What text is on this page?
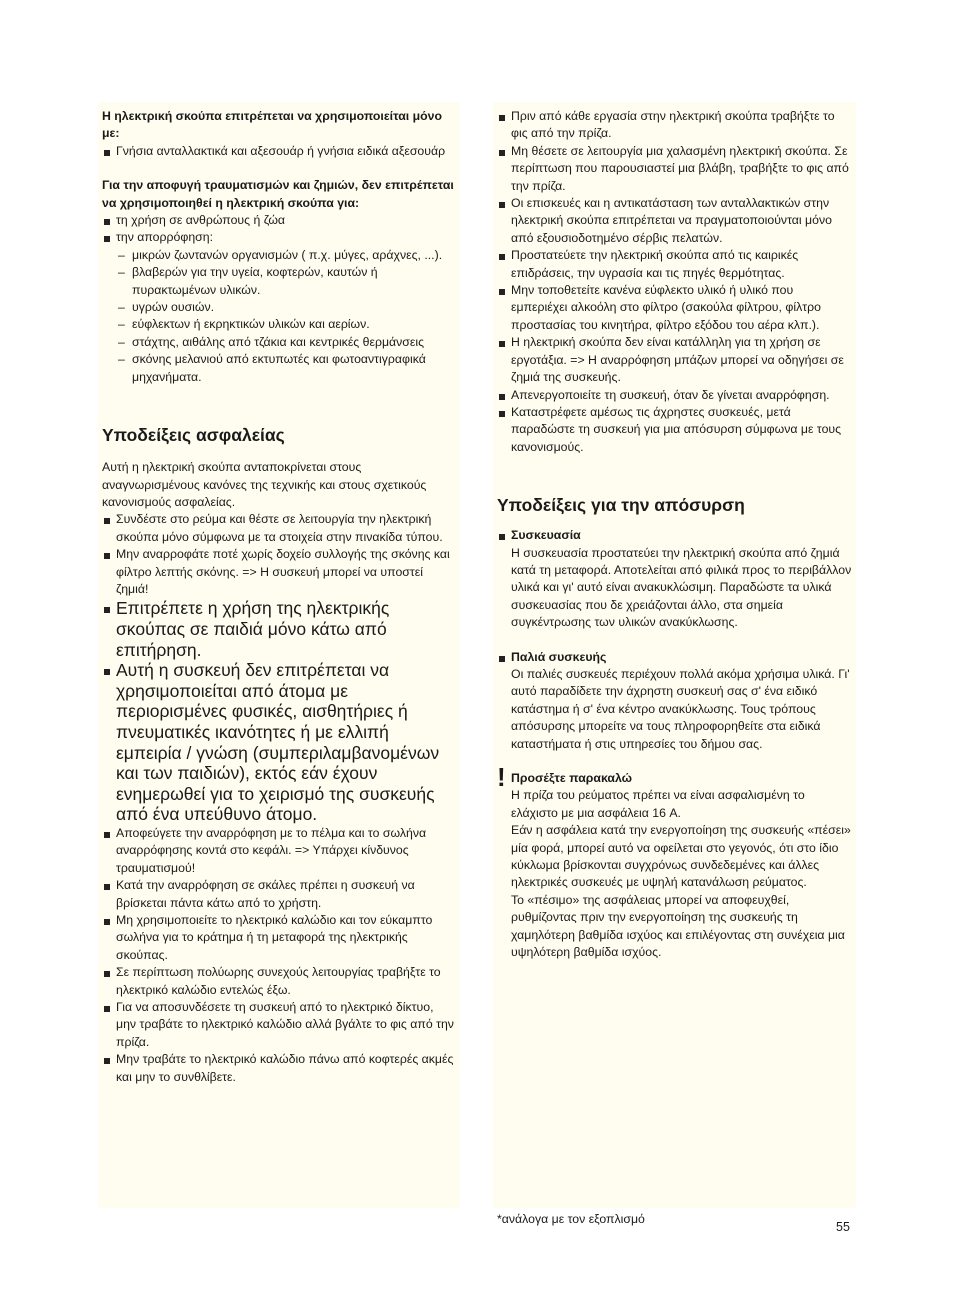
Η ηλεκτρική σκούπα επιτρέπεται να χρησιμοποιείται μόνο με:

Γνήσια ανταλλακτικά και αξεσουάρ ή γνήσια ειδικά αξεσουάρ

Για την αποφυγή τραυματισμών και ζημιών, δεν επιτρέπεται να χρησιμοποιηθεί η ηλεκτρική σκούπα για:

τη χρήση σε ανθρώπους ή ζώα
την απορρόφηση:
– μικρών ζωντανών οργανισμών ( π.χ. μύγες, αράχνες, ...).
– βλαβερών για την υγεία, κοφτερών, καυτών ή πυρακτωμένων υλικών.
– υγρών ουσιών.
– εύφλεκτων ή εκρηκτικών υλικών και αερίων.
– στάχτης, αιθάλης από τζάκια και κεντρικές θερμάνσεις
– σκόνης μελανιού από εκτυπωτές και φωτοαντιγραφικά μηχανήματα.
Υποδείξεις ασφαλείας

Αυτή η ηλεκτρική σκούπα ανταποκρίνεται στους αναγνωρισμένους κανόνες της τεχνικής και στους σχετικούς κανονισμούς ασφαλείας.

Συνδέστε στο ρεύμα και θέστε σε λειτουργία την ηλεκτρική σκούπα μόνο σύμφωνα με τα στοιχεία στην πινακίδα τύπου.
Μην αναρροφάτε ποτέ χωρίς δοχείο συλλογής της σκόνης και φίλτρο λεπτής σκόνης. => Η συσκευή μπορεί να υποστεί ζημιά!
Επιτρέπετε η χρήση της ηλεκτρικής σκούπας σε παιδιά μόνο κάτω από επιτήρηση.
Αυτή η συσκευή δεν επιτρέπεται να χρησιμοποιείται από άτομα με περιορισμένες φυσικές, αισθητήριες ή πνευματικές ικανότητες ή με ελλιπή εμπειρία / γνώση (συμπεριλαμβανομένων και των παιδιών), εκτός εάν έχουν ενημερωθεί για το χειρισμό της συσκευής από ένα υπεύθυνο άτομο.
Αποφεύγετε την αναρρόφηση με το πέλμα και το σωλήνα αναρρόφησης κοντά στο κεφάλι. => Υπάρχει κίνδυνος τραυματισμού!
Κατά την αναρρόφηση σε σκάλες πρέπει η συσκευή να βρίσκεται πάντα κάτω από το χρήστη.
Μη χρησιμοποιείτε το ηλεκτρικό καλώδιο και τον εύκαμπτο σωλήνα για το κράτημα ή τη μεταφορά της ηλεκτρικής σκούπας.
Σε περίπτωση πολύωρης συνεχούς λειτουργίας τραβήξτε το ηλεκτρικό καλώδιο εντελώς έξω.
Για να αποσυνδέσετε τη συσκευή από το ηλεκτρικό δίκτυο, μην τραβάτε το ηλεκτρικό καλώδιο αλλά βγάλτε το φις από την πρίζα.
Μην τραβάτε το ηλεκτρικό καλώδιο πάνω από κοφτερές ακμές και μην το συνθλίβετε.
Πριν από κάθε εργασία στην ηλεκτρική σκούπα τραβήξτε το φις από την πρίζα.
Μη θέσετε σε λειτουργία μια χαλασμένη ηλεκτρική σκούπα. Σε περίπτωση που παρουσιαστεί μια βλάβη, τραβήξτε το φις από την πρίζα.
Οι επισκευές και η αντικατάσταση των ανταλλακτικών στην ηλεκτρική σκούπα επιτρέπεται να πραγματοποιούνται μόνο από εξουσιοδοτημένο σέρβις πελατών.
Προστατεύετε την ηλεκτρική σκούπα από τις καιρικές επιδράσεις, την υγρασία και τις πηγές θερμότητας.
Μην τοποθετείτε κανένα εύφλεκτο υλικό ή υλικό που εμπεριέχει αλκοόλη στο φίλτρο (σακούλα φίλτρου, φίλτρο προστασίας του κινητήρα, φίλτρο εξόδου του αέρα κλπ.).
Η ηλεκτρική σκούπα δεν είναι κατάλληλη για τη χρήση σε εργοτάξια. => Η αναρρόφηση μπάζων μπορεί να οδηγήσει σε ζημιά της συσκευής.
Απενεργοποιείτε τη συσκευή, όταν δε γίνεται αναρρόφηση.
Καταστρέφετε αμέσως τις άχρηστες συσκευές, μετά παραδώστε τη συσκευή για μια απόσυρση σύμφωνα με τους κανονισμούς.
Υποδείξεις για την απόσυρση
Συσκευασία
Η συσκευασία προστατεύει την ηλεκτρική σκούπα από ζημιά κατά τη μεταφορά. Αποτελείται από φιλικά προς το περιβάλλον υλικά και γι' αυτό είναι ανακυκλώσιμη. Παραδώστε τα υλικά συσκευασίας που δε χρειάζονται άλλο, στα σημεία συγκέντρωσης των υλικών ανακύκλωσης.
Παλιά συσκευής
Οι παλιές συσκευές περιέχουν πολλά ακόμα χρήσιμα υλικά. Γι' αυτό παραδίδετε την άχρηστη συσκευή σας σ' ένα ειδικό κατάστημα ή σ' ένα κέντρο ανακύκλωσης. Τους τρόπους απόσυρσης μπορείτε να τους πληροφορηθείτε στα ειδικά καταστήματα ή στις υπηρεσίες του δήμου σας.
! Προσέξτε παρακαλώ
Η πρίζα του ρεύματος πρέπει να είναι ασφαλισμένη το ελάχιστο με μια ασφάλεια 16 A.
Εάν η ασφάλεια κατά την ενεργοποίηση της συσκευής «πέσει» μία φορά, μπορεί αυτό να οφείλεται στο γεγονός, ότι στο ίδιο κύκλωμα βρίσκονται συγχρόνως συνδεδεμένες και άλλες ηλεκτρικές συσκευές με υψηλή κατανάλωση ρεύματος.
Το «πέσιμο» της ασφάλειας μπορεί να αποφευχθεί, ρυθμίζοντας πριν την ενεργοποίηση της συσκευής τη χαμηλότερη βαθμίδα ισχύος και επιλέγοντας στη συνέχεια μια υψηλότερη βαθμίδα ισχύος.
*ανάλογα με τον εξοπλισμό
55
